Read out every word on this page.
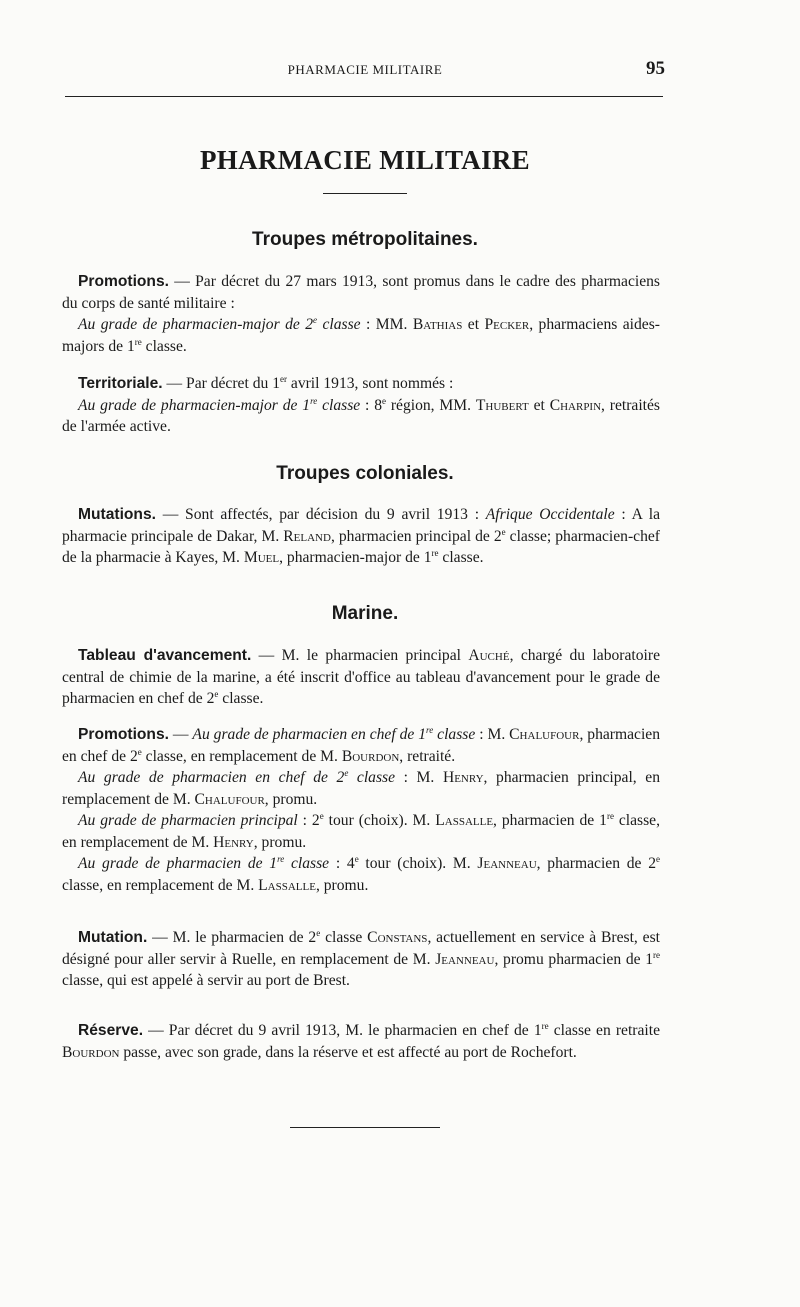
PHARMACIE MILITAIRE	95
PHARMACIE MILITAIRE
Troupes métropolitaines.

Promotions. — Par décret du 27 mars 1913, sont promus dans le cadre des pharmaciens du corps de santé militaire :
Au grade de pharmacien-major de 2e classe : MM. Bathias et Pecker, pharmaciens aides-majors de 1re classe.

Territoriale. — Par décret du 1er avril 1913, sont nommés :
Au grade de pharmacien-major de 1re classe : 8e région, MM. Thubert et Charpin, retraités de l'armée active.

Troupes coloniales.

Mutations. — Sont affectés, par décision du 9 avril 1913 : Afrique Occidentale : A la pharmacie principale de Dakar, M. Reland, pharmacien principal de 2e classe; pharmacien-chef de la pharmacie à Kayes, M. Muel, pharmacien-major de 1re classe.

Marine.

Tableau d'avancement. — M. le pharmacien principal Auché, chargé du laboratoire central de chimie de la marine, a été inscrit d'office au tableau d'avancement pour le grade de pharmacien en chef de 2e classe.

Promotions. — Au grade de pharmacien en chef de 1re classe : M. Chalufour, pharmacien en chef de 2e classe, en remplacement de M. Bourdon, retraité.
Au grade de pharmacien en chef de 2e classe : M. Henry, pharmacien principal, en remplacement de M. Chalufour, promu.
Au grade de pharmacien principal : 2e tour (choix). M. Lassalle, pharmacien de 1re classe, en remplacement de M. Henry, promu.
Au grade de pharmacien de 1re classe : 4e tour (choix). M. Jeanneau, pharmacien de 2e classe, en remplacement de M. Lassalle, promu.

Mutation. — M. le pharmacien de 2e classe Constans, actuellement en service à Brest, est désigné pour aller servir à Ruelle, en remplacement de M. Jeanneau, promu pharmacien de 1re classe, qui est appelé à servir au port de Brest.

Réserve. — Par décret du 9 avril 1913, M. le pharmacien en chef de 1re classe en retraite Bourdon passe, avec son grade, dans la réserve et est affecté au port de Rochefort.
